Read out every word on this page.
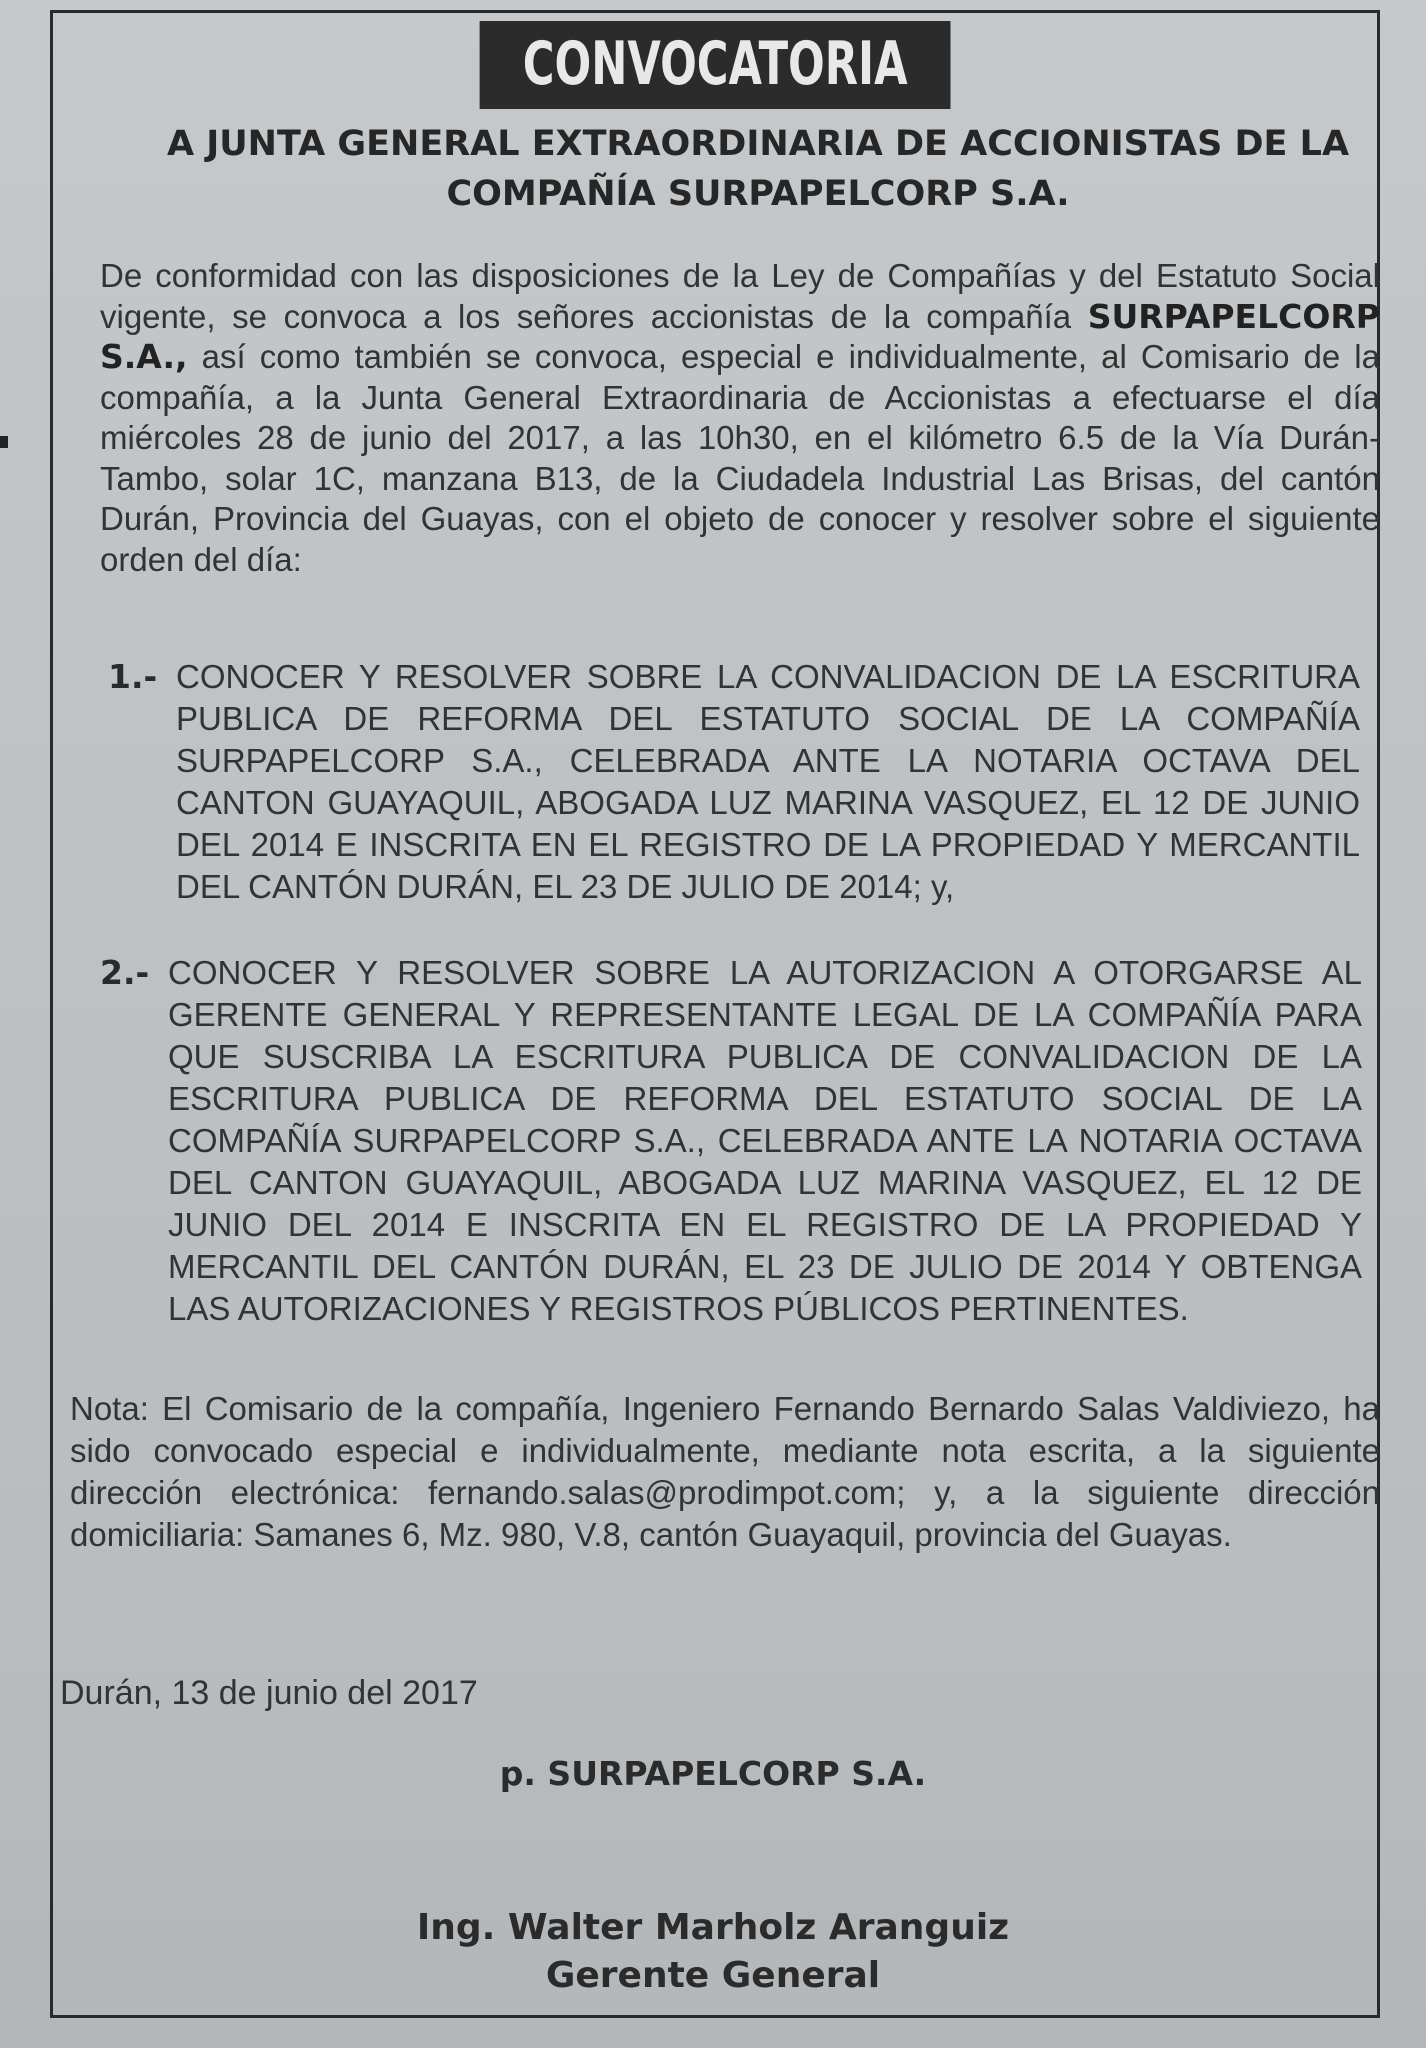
CONVOCATORIA
A JUNTA GENERAL EXTRAORDINARIA DE ACCIONISTAS DE LA
COMPAÑÍA SURPAPELCORP S.A.
De conformidad con las disposiciones de la Ley de Compañías y del Estatuto Social vigente, se convoca a los señores accionistas de la compañía SURPAPELCORP S.A., así como también se convoca, especial e individualmente, al Comisario de la compañía, a la Junta General Extraordinaria de Accionistas a efectuarse el día miércoles 28 de junio del 2017, a las 10h30, en el kilómetro 6.5 de la Vía Durán-Tambo, solar 1C, manzana B13, de la Ciudadela Industrial Las Brisas, del cantón Durán, Provincia del Guayas, con el objeto de conocer y resolver sobre el siguiente orden del día:
1.- CONOCER Y RESOLVER SOBRE LA CONVALIDACION DE LA ESCRITURA PUBLICA DE REFORMA DEL ESTATUTO SOCIAL DE LA COMPAÑÍA SURPAPELCORP S.A., CELEBRADA ANTE LA NOTARIA OCTAVA DEL CANTON GUAYAQUIL, ABOGADA LUZ MARINA VASQUEZ, EL 12 DE JUNIO DEL 2014 E INSCRITA EN EL REGISTRO DE LA PROPIEDAD Y MERCANTIL DEL CANTÓN DURÁN, EL 23 DE JULIO DE 2014; y,
2.- CONOCER Y RESOLVER SOBRE LA AUTORIZACION A OTORGARSE AL GERENTE GENERAL Y REPRESENTANTE LEGAL DE LA COMPAÑÍA PARA QUE SUSCRIBA LA ESCRITURA PUBLICA DE CONVALIDACION DE LA ESCRITURA PUBLICA DE REFORMA DEL ESTATUTO SOCIAL DE LA COMPAÑÍA SURPAPELCORP S.A., CELEBRADA ANTE LA NOTARIA OCTAVA DEL CANTON GUAYAQUIL, ABOGADA LUZ MARINA VASQUEZ, EL 12 DE JUNIO DEL 2014 E INSCRITA EN EL REGISTRO DE LA PROPIEDAD Y MERCANTIL DEL CANTÓN DURÁN, EL 23 DE JULIO DE 2014 Y OBTENGA LAS AUTORIZACIONES Y REGISTROS PÚBLICOS PERTINENTES.
Nota: El Comisario de la compañía, Ingeniero Fernando Bernardo Salas Valdiviezo, ha sido convocado especial e individualmente, mediante nota escrita, a la siguiente dirección electrónica: fernando.salas@prodimpot.com; y, a la siguiente dirección domiciliaria: Samanes 6, Mz. 980, V.8, cantón Guayaquil, provincia del Guayas.
Durán, 13 de junio del 2017
p. SURPAPELCORP S.A.
Ing. Walter Marholz Aranguiz
Gerente General
